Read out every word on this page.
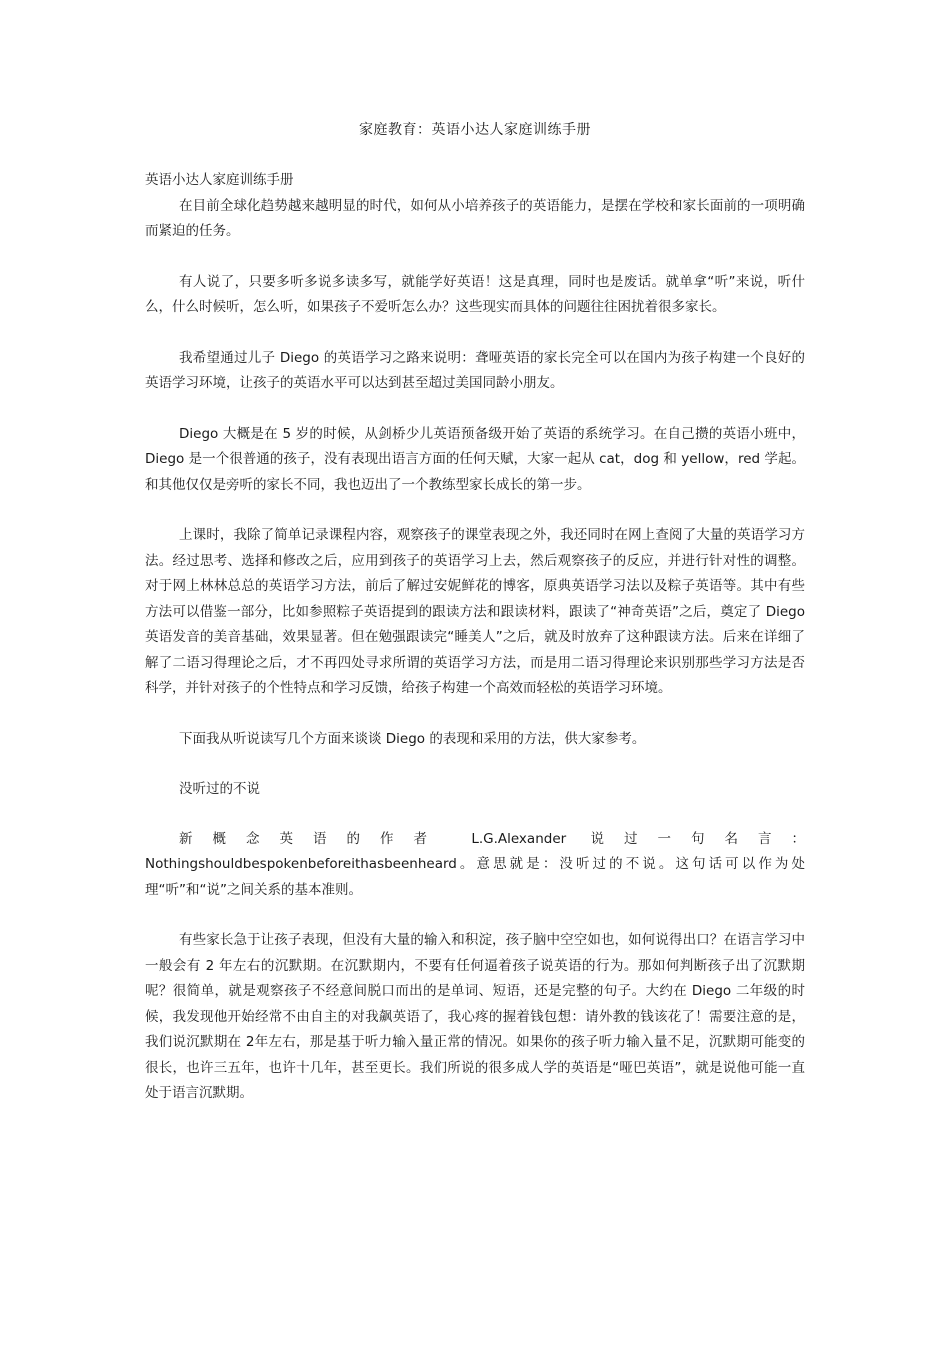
家庭教育：英语小达人家庭训练手册

英语小达人家庭训练手册

在目前全球化趋势越来越明显的时代，如何从小培养孩子的英语能力，是摆在学校和家长面前的一项明确而紧迫的任务。

有人说了，只要多听多说多读多写，就能学好英语！这是真理，同时也是废话。就单拿“听”来说，听什么，什么时候听，怎么听，如果孩子不爱听怎么办？这些现实而具体的问题往往困扰着很多家长。

我希望通过儿子 Diego 的英语学习之路来说明：聋哑英语的家长完全可以在国内为孩子构建一个良好的英语学习环境，让孩子的英语水平可以达到甚至超过美国同龄小朋友。

Diego 大概是在 5 岁的时候，从剑桥少儿英语预备级开始了英语的系统学习。在自己攒的英语小班中，Diego 是一个很普通的孩子，没有表现出语言方面的任何天赋，大家一起从 cat，dog 和 yellow，red 学起。和其他仅仅是旁听的家长不同，我也迈出了一个教练型家长成长的第一步。

上课时，我除了简单记录课程内容，观察孩子的课堂表现之外，我还同时在网上查阅了大量的英语学习方法。经过思考、选择和修改之后，应用到孩子的英语学习上去，然后观察孩子的反应，并进行针对性的调整。对于网上林林总总的英语学习方法，前后了解过安妮鲜花的博客，原典英语学习法以及粽子英语等。其中有些方法可以借鉴一部分，比如参照粽子英语提到的跟读方法和跟读材料，跟读了“神奇英语”之后，奠定了 Diego 英语发音的美音基础，效果显著。但在勉强跟读完“睡美人”之后，就及时放弃了这种跟读方法。后来在详细了解了二语习得理论之后，才不再四处寻求所谓的英语学习方法，而是用二语习得理论来识别那些学习方法是否科学，并针对孩子的个性特点和学习反馈，给孩子构建一个高效而轻松的英语学习环境。

下面我从听说读写几个方面来谈谈 Diego 的表现和采用的方法，供大家参考。

没听过的不说

新概念英语的作者 L.G.Alexander 说过一句名言：Nothingshouldbespokenbeforeithasbeenheard。意思就是：没听过的不说。这句话可以作为处理“听”和“说”之间关系的基本准则。

有些家长急于让孩子表现，但没有大量的输入和积淀，孩子脑中空空如也，如何说得出口？在语言学习中一般会有 2 年左右的沉默期。在沉默期内，不要有任何逼着孩子说英语的行为。那如何判断孩子出了沉默期呢？很简单，就是观察孩子不经意间脱口而出的是单词、短语，还是完整的句子。大约在 Diego 二年级的时候，我发现他开始经常不由自主的对我飙英语了，我心疼的握着钱包想：请外教的钱该花了！需要注意的是，我们说沉默期在 2年左右，那是基于听力输入量正常的情况。如果你的孩子听力输入量不足，沉默期可能变的很长，也许三五年，也许十几年，甚至更长。我们所说的很多成人学的英语是“哑巴英语”，就是说他可能一直处于语言沉默期。
